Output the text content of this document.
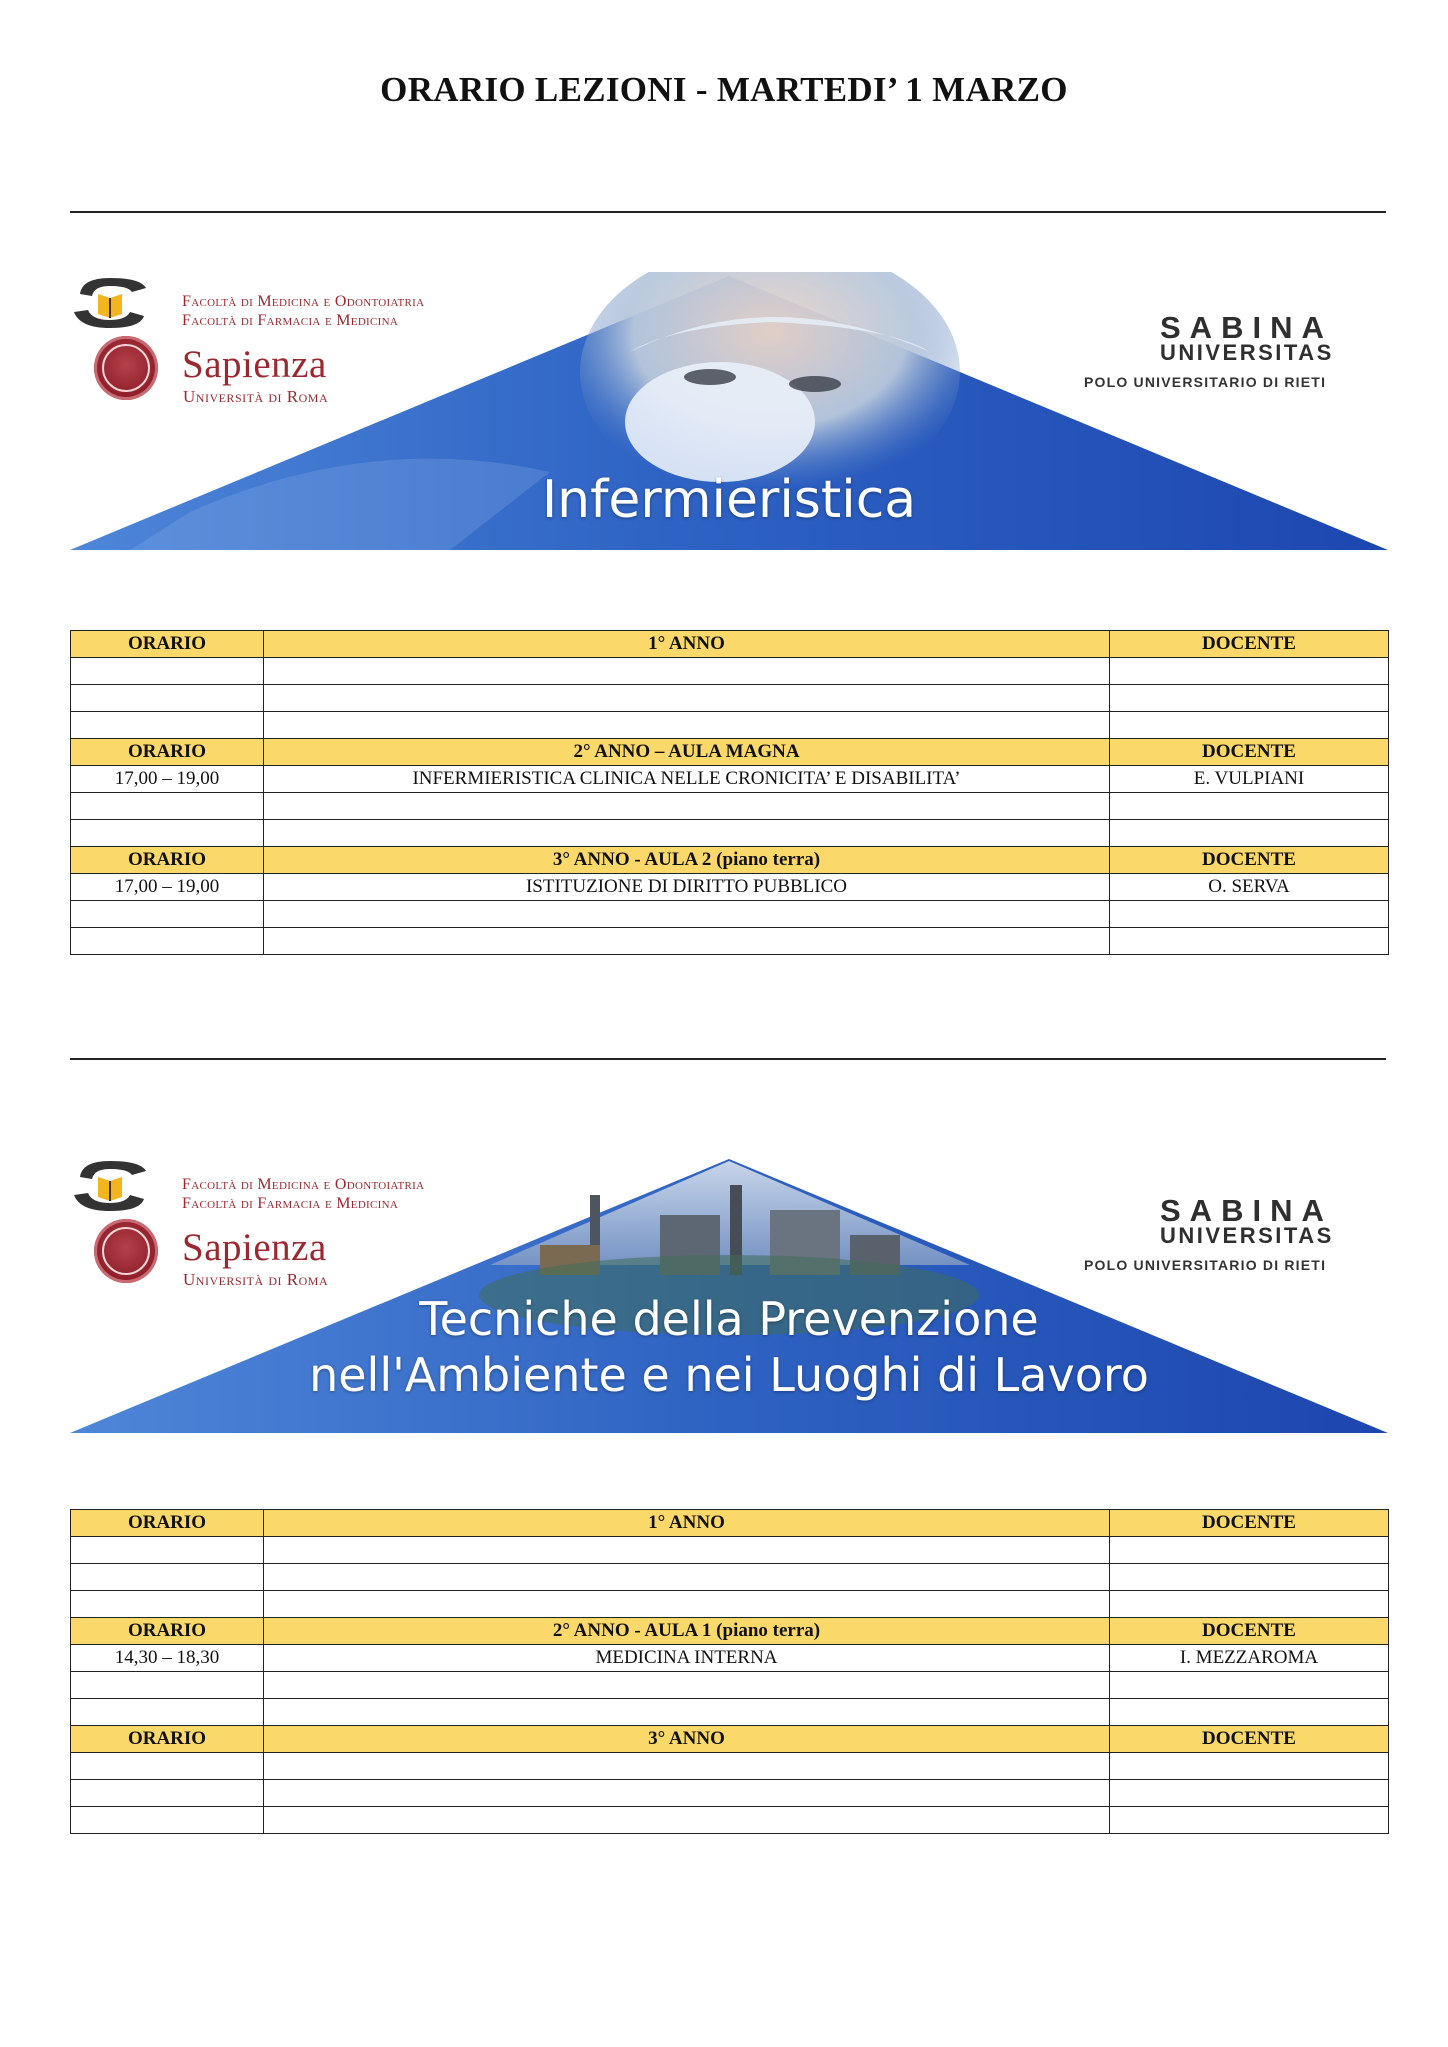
ORARIO LEZIONI - MARTEDI’ 1 MARZO
Facoltà di Medicina e Odontoiatria
Facoltà di Farmacia e Medicina
Sapienza
Università di Roma
SABINA
UNIVERSITAS
POLO UNIVERSITARIO DI RIETI
Infermieristica
ORARIO	1° ANNO	DOCENTE

ORARIO	2° ANNO – AULA MAGNA	DOCENTE
17,00 – 19,00	INFERMIERISTICA CLINICA NELLE CRONICITA’ E DISABILITA’	E. VULPIANI

ORARIO	3° ANNO - AULA 2 (piano terra)	DOCENTE
17,00 – 19,00	ISTITUZIONE DI DIRITTO PUBBLICO	O. SERVA

Facoltà di Medicina e Odontoiatria
Facoltà di Farmacia e Medicina
Sapienza
Università di Roma
SABINA
UNIVERSITAS
POLO UNIVERSITARIO DI RIETI
Tecniche della Prevenzione
nell'Ambiente e nei Luoghi di Lavoro
ORARIO	1° ANNO	DOCENTE

ORARIO	2° ANNO - AULA 1 (piano terra)	DOCENTE
14,30 – 18,30	MEDICINA INTERNA	I. MEZZAROMA

ORARIO	3° ANNO	DOCENTE
